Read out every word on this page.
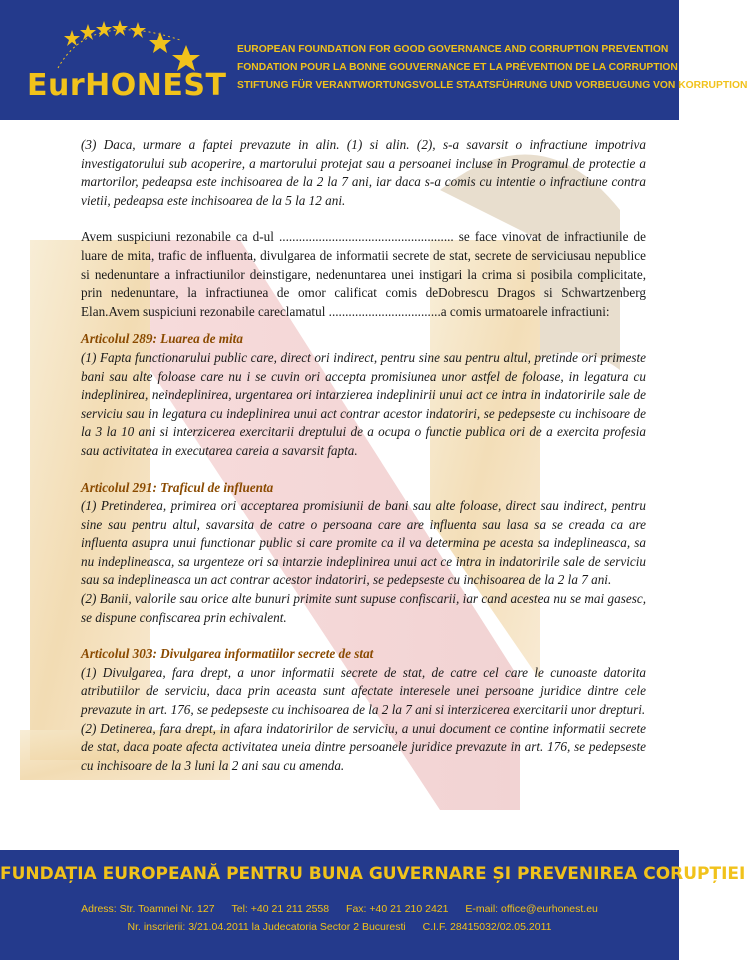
EurHONEST
EUROPEAN FOUNDATION FOR GOOD GOVERNANCE AND CORRUPTION PREVENTION
FONDATION POUR LA BONNE GOUVERNANCE ET LA PRÉVENTION DE LA CORRUPTION
STIFTUNG FÜR VERANTWORTUNGSVOLLE STAATSFÜHRUNG UND VORBEUGUNG VON KORRUPTION

(3) Daca, urmare a faptei prevazute in alin. (1) si alin. (2), s-a savarsit o infractiune impotriva investigatorului sub acoperire, a martorului protejat sau a persoanei incluse in Programul de protectie a martorilor, pedeapsa este inchisoarea de la 2 la 7 ani, iar daca s-a comis cu intentie o infractiune contra vietii, pedeapsa este inchisoarea de la 5 la 12 ani.

Avem suspiciuni rezonabile ca d-ul ..................................................... se face vinovat de infractiunile de luare de mita, trafic de influenta, divulgarea de informatii secrete de stat, secrete de serviciusau nepublice si nedenuntare a infractiunilor deinstigare, nedenuntarea unei instigari la crima si posibila complicitate, prin nedenuntare, la infractiunea de omor calificat comis deDobrescu Dragos si Schwartzenberg Elan.Avem suspiciuni rezonabile careclamatul ..................................a comis urmatoarele infractiuni:

Articolul 289: Luarea de mita

(1) Fapta functionarului public care, direct ori indirect, pentru sine sau pentru altul, pretinde ori primeste bani sau alte foloase care nu i se cuvin ori accepta promisiunea unor astfel de foloase, in legatura cu indeplinirea, neindeplinirea, urgentarea ori intarzierea indeplinirii unui act ce intra in indatoririle sale de serviciu sau in legatura cu indeplinirea unui act contrar acestor indatoriri, se pedepseste cu inchisoare de la 3 la 10 ani si interzicerea exercitarii dreptului de a ocupa o functie publica ori de a exercita profesia sau activitatea in executarea careia a savarsit fapta.

Articolul 291: Traficul de influenta

(1) Pretinderea, primirea ori acceptarea promisiunii de bani sau alte foloase, direct sau indirect, pentru sine sau pentru altul, savarsita de catre o persoana care are influenta sau lasa sa se creada ca are influenta asupra unui functionar public si care promite ca il va determina pe acesta sa indeplineasca, sa nu indeplineasca, sa urgenteze ori sa intarzie indeplinirea unui act ce intra in indatoririle sale de serviciu sau sa indeplineasca un act contrar acestor indatoriri, se pedepseste cu inchisoarea de la 2 la 7 ani.

(2) Banii, valorile sau orice alte bunuri primite sunt supuse confiscarii, iar cand acestea nu se mai gasesc, se dispune confiscarea prin echivalent.

Articolul 303: Divulgarea informatiilor secrete de stat

(1) Divulgarea, fara drept, a unor informatii secrete de stat, de catre cel care le cunoaste datorita atributiilor de serviciu, daca prin aceasta sunt afectate interesele unei persoane juridice dintre cele prevazute in art. 176, se pedepseste cu inchisoarea de la 2 la 7 ani si interzicerea exercitarii unor drepturi.

(2) Detinerea, fara drept, in afara indatoririlor de serviciu, a unui document ce contine informatii secrete de stat, daca poate afecta activitatea uneia dintre persoanele juridice prevazute in art. 176, se pedepseste cu inchisoare de la 3 luni la 2 ani sau cu amenda.

FUNDAȚIA EUROPEANĂ PENTRU BUNA GUVERNARE ȘI PREVENIREA CORUPȚIEI
Adress: Str. Toamnei Nr. 127 Tel: +40 21 211 2558 Fax: +40 21 210 2421 E-mail: office@eurhonest.eu
Nr. inscrierii: 3/21.04.2011 la Judecatoria Sector 2 Bucuresti C.I.F. 28415032/02.05.2011
